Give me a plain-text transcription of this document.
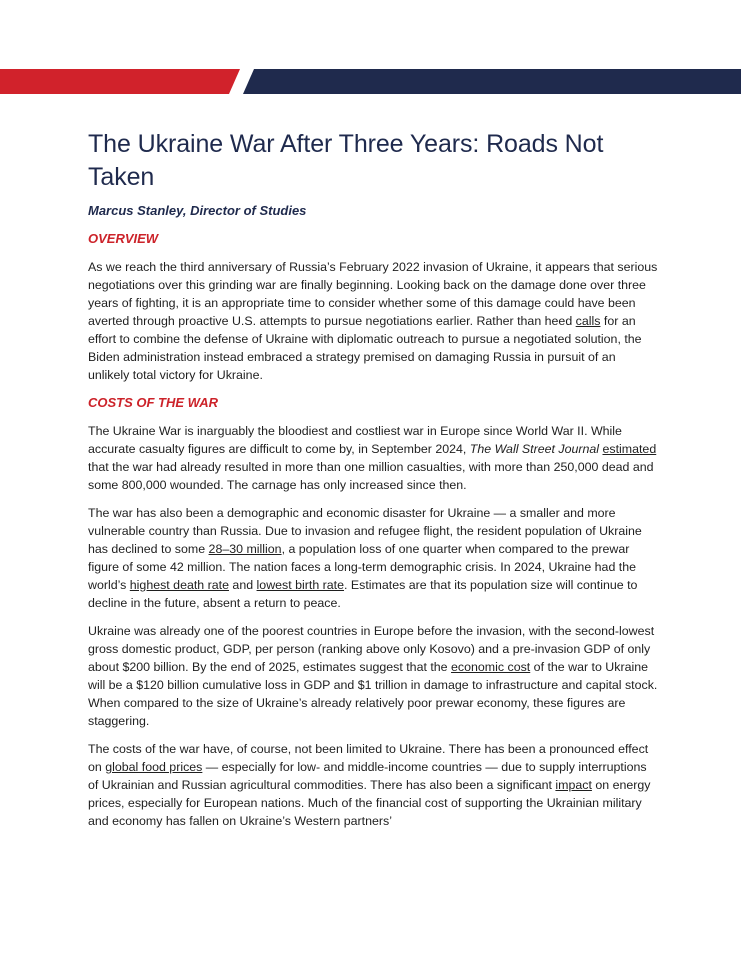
The Ukraine War After Three Years: Roads Not Taken
Marcus Stanley, Director of Studies
OVERVIEW

As we reach the third anniversary of Russia’s February 2022 invasion of Ukraine, it appears that serious negotiations over this grinding war are finally beginning. Looking back on the damage done over three years of fighting, it is an appropriate time to consider whether some of this damage could have been averted through proactive U.S. attempts to pursue negotiations earlier. Rather than heed calls for an effort to combine the defense of Ukraine with diplomatic outreach to pursue a negotiated solution, the Biden administration instead embraced a strategy premised on damaging Russia in pursuit of an unlikely total victory for Ukraine.

COSTS OF THE WAR

The Ukraine War is inarguably the bloodiest and costliest war in Europe since World War II. While accurate casualty figures are difficult to come by, in September 2024, The Wall Street Journal estimated that the war had already resulted in more than one million casualties, with more than 250,000 dead and some 800,000 wounded. The carnage has only increased since then.

The war has also been a demographic and economic disaster for Ukraine — a smaller and more vulnerable country than Russia. Due to invasion and refugee flight, the resident population of Ukraine has declined to some 28–30 million, a population loss of one quarter when compared to the prewar figure of some 42 million. The nation faces a long-term demographic crisis. In 2024, Ukraine had the world’s highest death rate and lowest birth rate. Estimates are that its population size will continue to decline in the future, absent a return to peace.

Ukraine was already one of the poorest countries in Europe before the invasion, with the second-lowest gross domestic product, GDP, per person (ranking above only Kosovo) and a pre-invasion GDP of only about $200 billion. By the end of 2025, estimates suggest that the economic cost of the war to Ukraine will be a $120 billion cumulative loss in GDP and $1 trillion in damage to infrastructure and capital stock. When compared to the size of Ukraine’s already relatively poor prewar economy, these figures are staggering.

The costs of the war have, of course, not been limited to Ukraine. There has been a pronounced effect on global food prices — especially for low- and middle-income countries — due to supply interruptions of Ukrainian and Russian agricultural commodities. There has also been a significant impact on energy prices, especially for European nations. Much of the financial cost of supporting the Ukrainian military and economy has fallen on Ukraine’s Western partners’
